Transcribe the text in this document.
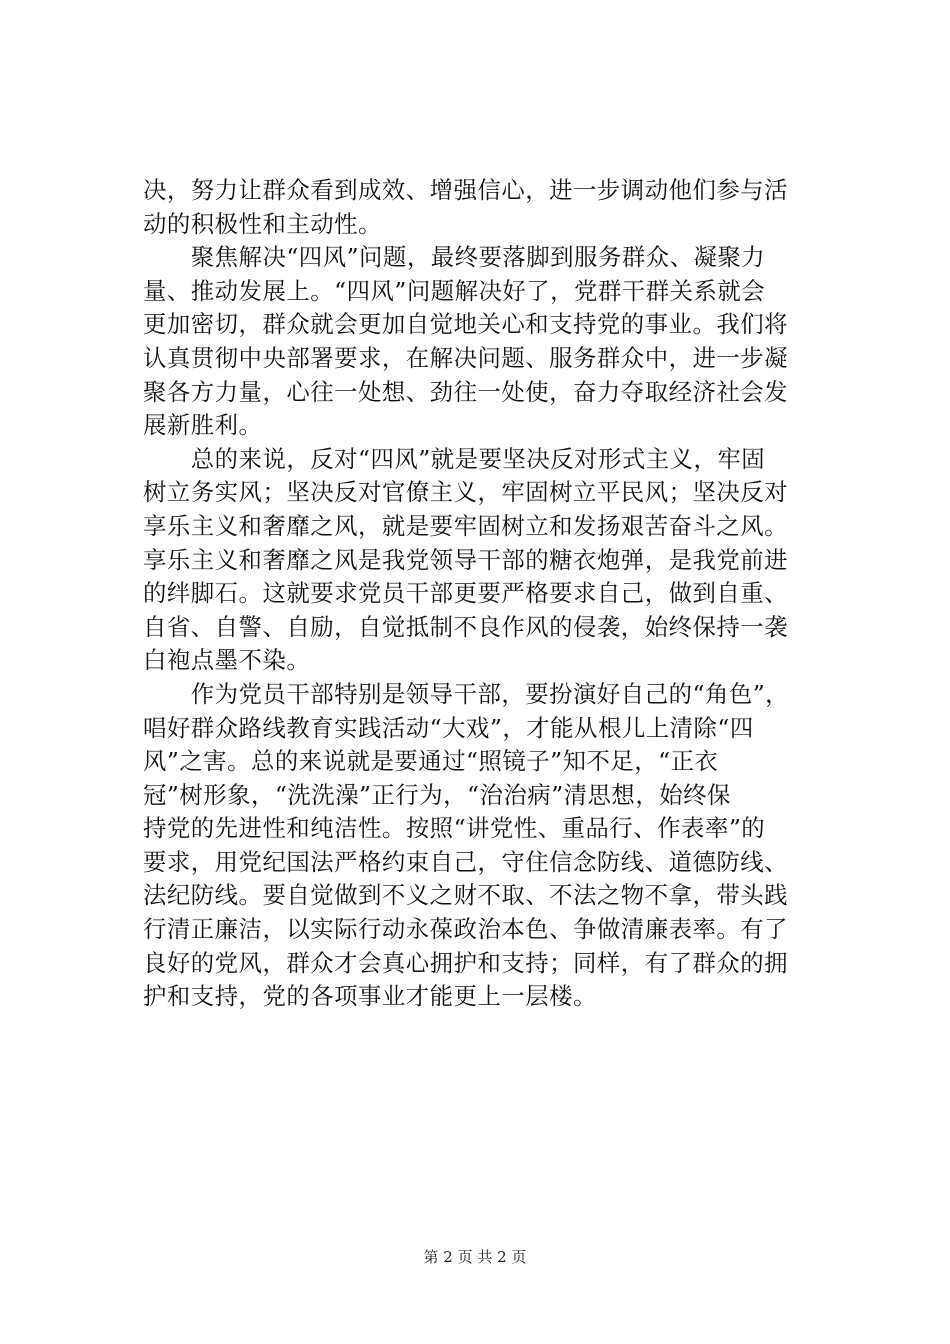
决，努力让群众看到成效、增强信心，进一步调动他们参与活
动的积极性和主动性。
　　聚焦解决“四风”问题，最终要落脚到服务群众、凝聚力
量、推动发展上。“四风”问题解决好了，党群干群关系就会
更加密切，群众就会更加自觉地关心和支持党的事业。我们将
认真贯彻中央部署要求，在解决问题、服务群众中，进一步凝
聚各方力量，心往一处想、劲往一处使，奋力夺取经济社会发
展新胜利。
　　总的来说，反对“四风”就是要坚决反对形式主义，牢固
树立务实风；坚决反对官僚主义，牢固树立平民风；坚决反对
享乐主义和奢靡之风，就是要牢固树立和发扬艰苦奋斗之风。
享乐主义和奢靡之风是我党领导干部的糖衣炮弹，是我党前进
的绊脚石。这就要求党员干部更要严格要求自己，做到自重、
自省、自警、自励，自觉抵制不良作风的侵袭，始终保持一袭
白袍点墨不染。
　　作为党员干部特别是领导干部，要扮演好自己的“角色”，
唱好群众路线教育实践活动“大戏”，才能从根儿上清除“四
风”之害。总的来说就是要通过“照镜子”知不足，“正衣
冠”树形象，“洗洗澡”正行为，“治治病”清思想，始终保
持党的先进性和纯洁性。按照“讲党性、重品行、作表率”的
要求，用党纪国法严格约束自己，守住信念防线、道德防线、
法纪防线。要自觉做到不义之财不取、不法之物不拿，带头践
行清正廉洁，以实际行动永葆政治本色、争做清廉表率。有了
良好的党风，群众才会真心拥护和支持；同样，有了群众的拥
护和支持，党的各项事业才能更上一层楼。
第 2 页 共 2 页
